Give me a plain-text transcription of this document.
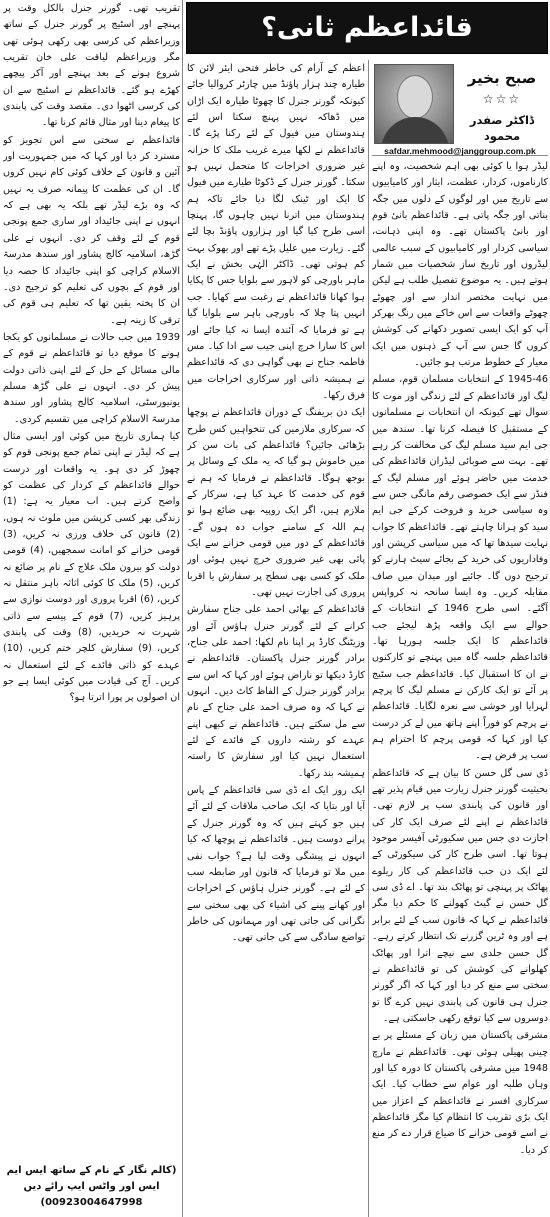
قائداعظم ثانی؟
صبح بخیر
☆☆☆
ڈاکٹر صفدر محمود
safdar.mehmood@janggroup.com.pk

لیڈر ہوا یا کوئی بھی اہم شخصیت، وہ اپنے کارناموں، کردار، عظمت، ایثار اور کامیابیوں سے تاریخ میں اور لوگوں کے دلوں میں جگہ بناتی اور جگہ پاتی ہے۔ قائداعظم بانیٔ قوم اور بانیٔ پاکستان تھے۔ وہ اپنی ذہانت، سیاسی کردار اور کامیابیوں کے سبب عالمی لیڈروں اور تاریخ ساز شخصیات میں شمار ہوتے ہیں۔ یہ موضوع تفصیل طلب ہے لیکن میں نہایت مختصر انداز سے اور چھوٹے چھوٹے واقعات سے اس خاکے میں رنگ بھرکر آپ کو ایک ایسی تصویر دکھانے کی کوشش کروں گا جس سے آپ کے ذہنوں میں ایک معیار کے خطوط مرتب ہو جائیں۔

1945-46 کے انتخابات مسلمان قوم، مسلم لیگ اور قائداعظم کے لئے زندگی اور موت کا سوال تھے کیونکہ ان انتخابات نے مسلمانوں کے مستقبل کا فیصلہ کرنا تھا۔ سندھ میں جی ایم سید مسلم لیگ کی مخالفت کر رہے تھے۔ بہت سے صوبائی لیڈران قائداعظم کی خدمت میں حاضر ہوئے اور مسلم لیگ کے فنڈز سے ایک خصوصی رقم مانگی جس سے وہ سیاسی خرید و فروخت کرکے جی ایم سید کو ہرانا چاہتے تھے۔ قائداعظم کا جواب نہایت سیدھا تھا کہ میں سیاسی کرپشن اور وفاداریوں کی خرید کے بجائے سیٹ ہارنے کو ترجیح دوں گا۔ جائیے اور میدان میں صاف مقابلہ کریں۔ وہ ایسا سانحہ نہ کرواپس آگئے۔ اسی طرح 1946 کے انتخابات کے حوالے سے ایک واقعہ پڑھ لیجئے جب قائداعظم کا ایک جلسہ ہورہا تھا۔ قائداعظم جلسہ گاہ میں پہنچے تو کارکنوں نے ان کا استقبال کیا۔ قائداعظم جب سٹیج پر آئے تو ایک کارکن نے مسلم لیگ کا پرچم لہرایا اور خوشی سے نعرہ لگایا۔ قائداعظم نے پرچم کو فوراً اپنے ہاتھ میں لے کر درست کیا اور کہا کہ قومی پرچم کا احترام ہم سب پر فرض ہے۔

ڈی سی گل حسن کا بیان ہے کہ قائداعظم بحیثیت گورنر جنرل زیارت میں قیام پذیر تھے اور قانون کی پابندی سب پر لازم تھی۔ قائداعظم نے اپنے لئے صرف ایک کار کی اجازت دی جس میں سکیورٹی آفیسر موجود ہوتا تھا۔ اسی طرح کار کی سیکورٹی کے لئے ایک دن جب قائداعظم کی کار ریلوے پھاٹک پر پہنچی تو پھاٹک بند تھا۔ اے ڈی سی گل حسن نے گیٹ کھولنے کا حکم دیا مگر قائداعظم نے کہا کہ قانون سب کے لئے برابر ہے اور وہ ٹرین گزرنے تک انتظار کرتے رہے۔ گل حسن جلدی سے نیچے اترا اور پھاٹک کھلوانے کی کوشش کی تو قائداعظم نے سختی سے منع کر دیا اور کہا کہ اگر گورنر جنرل ہی قانون کی پابندی نہیں کرے گا تو دوسروں سے کیا توقع رکھی جاسکتی ہے۔

مشرقی پاکستان میں زبان کے مسئلے پر بے چینی پھیلی ہوئی تھی۔ قائداعظم نے مارچ 1948 میں مشرقی پاکستان کا دورہ کیا اور وہاں طلبہ اور عوام سے خطاب کیا۔ ایک سرکاری افسر نے قائداعظم کے اعزاز میں ایک بڑی تقریب کا انتظام کیا مگر قائداعظم نے اسے قومی خزانے کا ضیاع قرار دے کر منع کر دیا۔

اعظم کے آرام کی خاطر فتحی ایئر لائن کا طیارہ چند ہزار پاؤنڈ میں چارٹر کروالیا جائے کیونکہ گورنر جنرل کا چھوٹا طیارہ ایک اڑان میں ڈھاکہ نہیں پہنچ سکتا اس لئے ہندوستان میں فیول کے لئے رکنا پڑے گا۔ قائداعظم نے لکھا میرے غریب ملک کا خزانہ غیر ضروری اخراجات کا متحمل نہیں ہو سکتا۔ گورنر جنرل کے ڈکوٹا طیارے میں فیول کا ایک اور ٹینک لگا دیا جائے تاکہ ہم ہندوستان میں اترنا نہیں چاہوں گا، پہنچا اسی طرح کیا گیا اور ہزاروں پاؤنڈ بچا لئے گئے۔ زیارت میں علیل پڑے تھے اور بھوک بہت کم ہوتی تھی۔ ڈاکٹر الہٰی بخش نے ایک ماہر باورچی کو لاہور سے بلوایا جس کا پکایا ہوا کھانا قائداعظم نے رغبت سے کھایا۔ جب انہیں پتا چلا کہ باورچی باہر سے بلوایا گیا ہے تو فرمایا کہ آئندہ ایسا نہ کیا جائے اور اس کا سارا خرچ اپنی جیب سے ادا کیا۔ مس فاطمہ جناح نے بھی گواہی دی کہ قائداعظم نے ہمیشہ ذاتی اور سرکاری اخراجات میں فرق رکھا۔

ایک دن بریفنگ کے دوران قائداعظم نے پوچھا کہ سرکاری ملازمین کی تنخواہیں کس طرح بڑھائی جائیں؟ قائداعظم کی بات سن کر میں خاموش ہو گیا کہ یہ ملک کے وسائل پر بوجھ ہوگا۔ قائداعظم نے فرمایا کہ ہم نے قوم کی خدمت کا عہد کیا ہے، سرکار کے ملازم ہیں، اگر ایک روپیہ بھی ضائع ہوا تو ہم اللہ کے سامنے جواب دہ ہوں گے۔ قائداعظم کے دور میں قومی خزانے سے ایک پائی بھی غیر ضروری خرچ نہیں ہوئی اور ملک کو کسی بھی سطح پر سفارش یا اقربا پروری کی اجازت نہیں تھی۔

قائداعظم کے بھائی احمد علی جناح سفارش کرانے کے لئے گورنر جنرل ہاؤس آئے اور وزیٹنگ کارڈ پر اپنا نام لکھا: احمد علی جناح، برادر گورنر جنرل پاکستان۔ قائداعظم نے کارڈ دیکھا تو ناراض ہوئے اور کہا کہ اس سے برادر گورنر جنرل کے الفاظ کاٹ دیں۔ انہوں نے کہا کہ وہ صرف احمد علی جناح کے نام سے مل سکتے ہیں۔ قائداعظم نے کبھی اپنے عہدے کو رشتہ داروں کے فائدے کے لئے استعمال نہیں کیا اور سفارش کا راستہ ہمیشہ بند رکھا۔

ایک روز ایک اے ڈی سی قائداعظم کے پاس آیا اور بتایا کہ ایک صاحب ملاقات کے لئے آئے ہیں جو کہتے ہیں کہ وہ گورنر جنرل کے پرانے دوست ہیں۔ قائداعظم نے پوچھا کہ کیا انہوں نے پیشگی وقت لیا ہے؟ جواب نفی میں ملا تو فرمایا کہ قانون اور ضابطہ سب کے لئے ہے۔ گورنر جنرل ہاؤس کے اخراجات اور کھانے پینے کی اشیاء کی بھی سختی سے نگرانی کی جاتی تھی اور مہمانوں کی خاطر تواضع سادگی سے کی جاتی تھی۔

تقریب تھی۔ گورنر جنرل بالکل وقت پر پہنچے اور اسٹیج پر گورنر جنرل کے ساتھ وزیراعظم کی کرسی بھی رکھی ہوئی تھی مگر وزیراعظم لیاقت علی خان تقریب شروع ہونے کے بعد پہنچے اور آکر پیچھے کھڑے ہو گئے۔ قائداعظم نے اسٹیج سے ان کی کرسی اٹھوا دی۔ مقصد وقت کی پابندی کا پیغام دینا اور مثال قائم کرنا تھا۔

قائداعظم نے سختی سے اس تجویز کو مسترد کر دیا اور کہا کہ میں جمہوریت اور آئین و قانون کے خلاف کوئی کام نہیں کروں گا۔ ان کی عظمت کا پیمانہ صرف یہ نہیں کہ وہ بڑے لیڈر تھے بلکہ یہ بھی ہے کہ انہوں نے اپنی جائیداد اور ساری جمع پونجی قوم کے لئے وقف کر دی۔ انہوں نے علی گڑھ، اسلامیہ کالج پشاور اور سندھ مدرسۃ الاسلام کراچی کو اپنی جائیداد کا حصہ دیا اور قوم کے بچوں کی تعلیم کو ترجیح دی۔ ان کا پختہ یقین تھا کہ تعلیم ہی قوم کی ترقی کا زینہ ہے۔

1939 میں جب حالات نے مسلمانوں کو یکجا ہونے کا موقع دیا تو قائداعظم نے قوم کے مالی مسائل کے حل کے لئے اپنی ذاتی دولت پیش کر دی۔ انہوں نے علی گڑھ مسلم یونیورسٹی، اسلامیہ کالج پشاور اور سندھ مدرسۃ الاسلام کراچی میں تقسیم کردی۔

کیا ہماری تاریخ میں کوئی اور ایسی مثال ہے کہ لیڈر نے اپنی تمام جمع پونجی قوم کو چھوڑ کر دی ہو۔ یہ واقعات اور درست حوالے قائداعظم کے کردار کی عظمت کو واضح کرتے ہیں۔ اب معیار یہ ہے: (1) زندگی بھر کسی کرپشن میں ملوث نہ ہوں، (2) قانون کی خلاف ورزی نہ کریں، (3) قومی خزانے کو امانت سمجھیں، (4) قومی دولت کو بیرون ملک علاج کے نام پر ضائع نہ کریں، (5) ملک کا کوئی اثاثہ باہر منتقل نہ کریں، (6) اقربا پروری اور دوست نوازی سے پرہیز کریں، (7) قوم کے پیسے سے ذاتی شہرت نہ خریدیں، (8) وقت کی پابندی کریں، (9) سفارش کلچر ختم کریں، (10) عہدے کو ذاتی فائدے کے لئے استعمال نہ کریں۔ آج کی قیادت میں کوئی ایسا ہے جو ان اصولوں پر پورا اترتا ہو؟

(کالم نگار کے نام کے ساتھ ایس ایم ایس اور واٹس ایپ رائے دیں 00923004647998)
